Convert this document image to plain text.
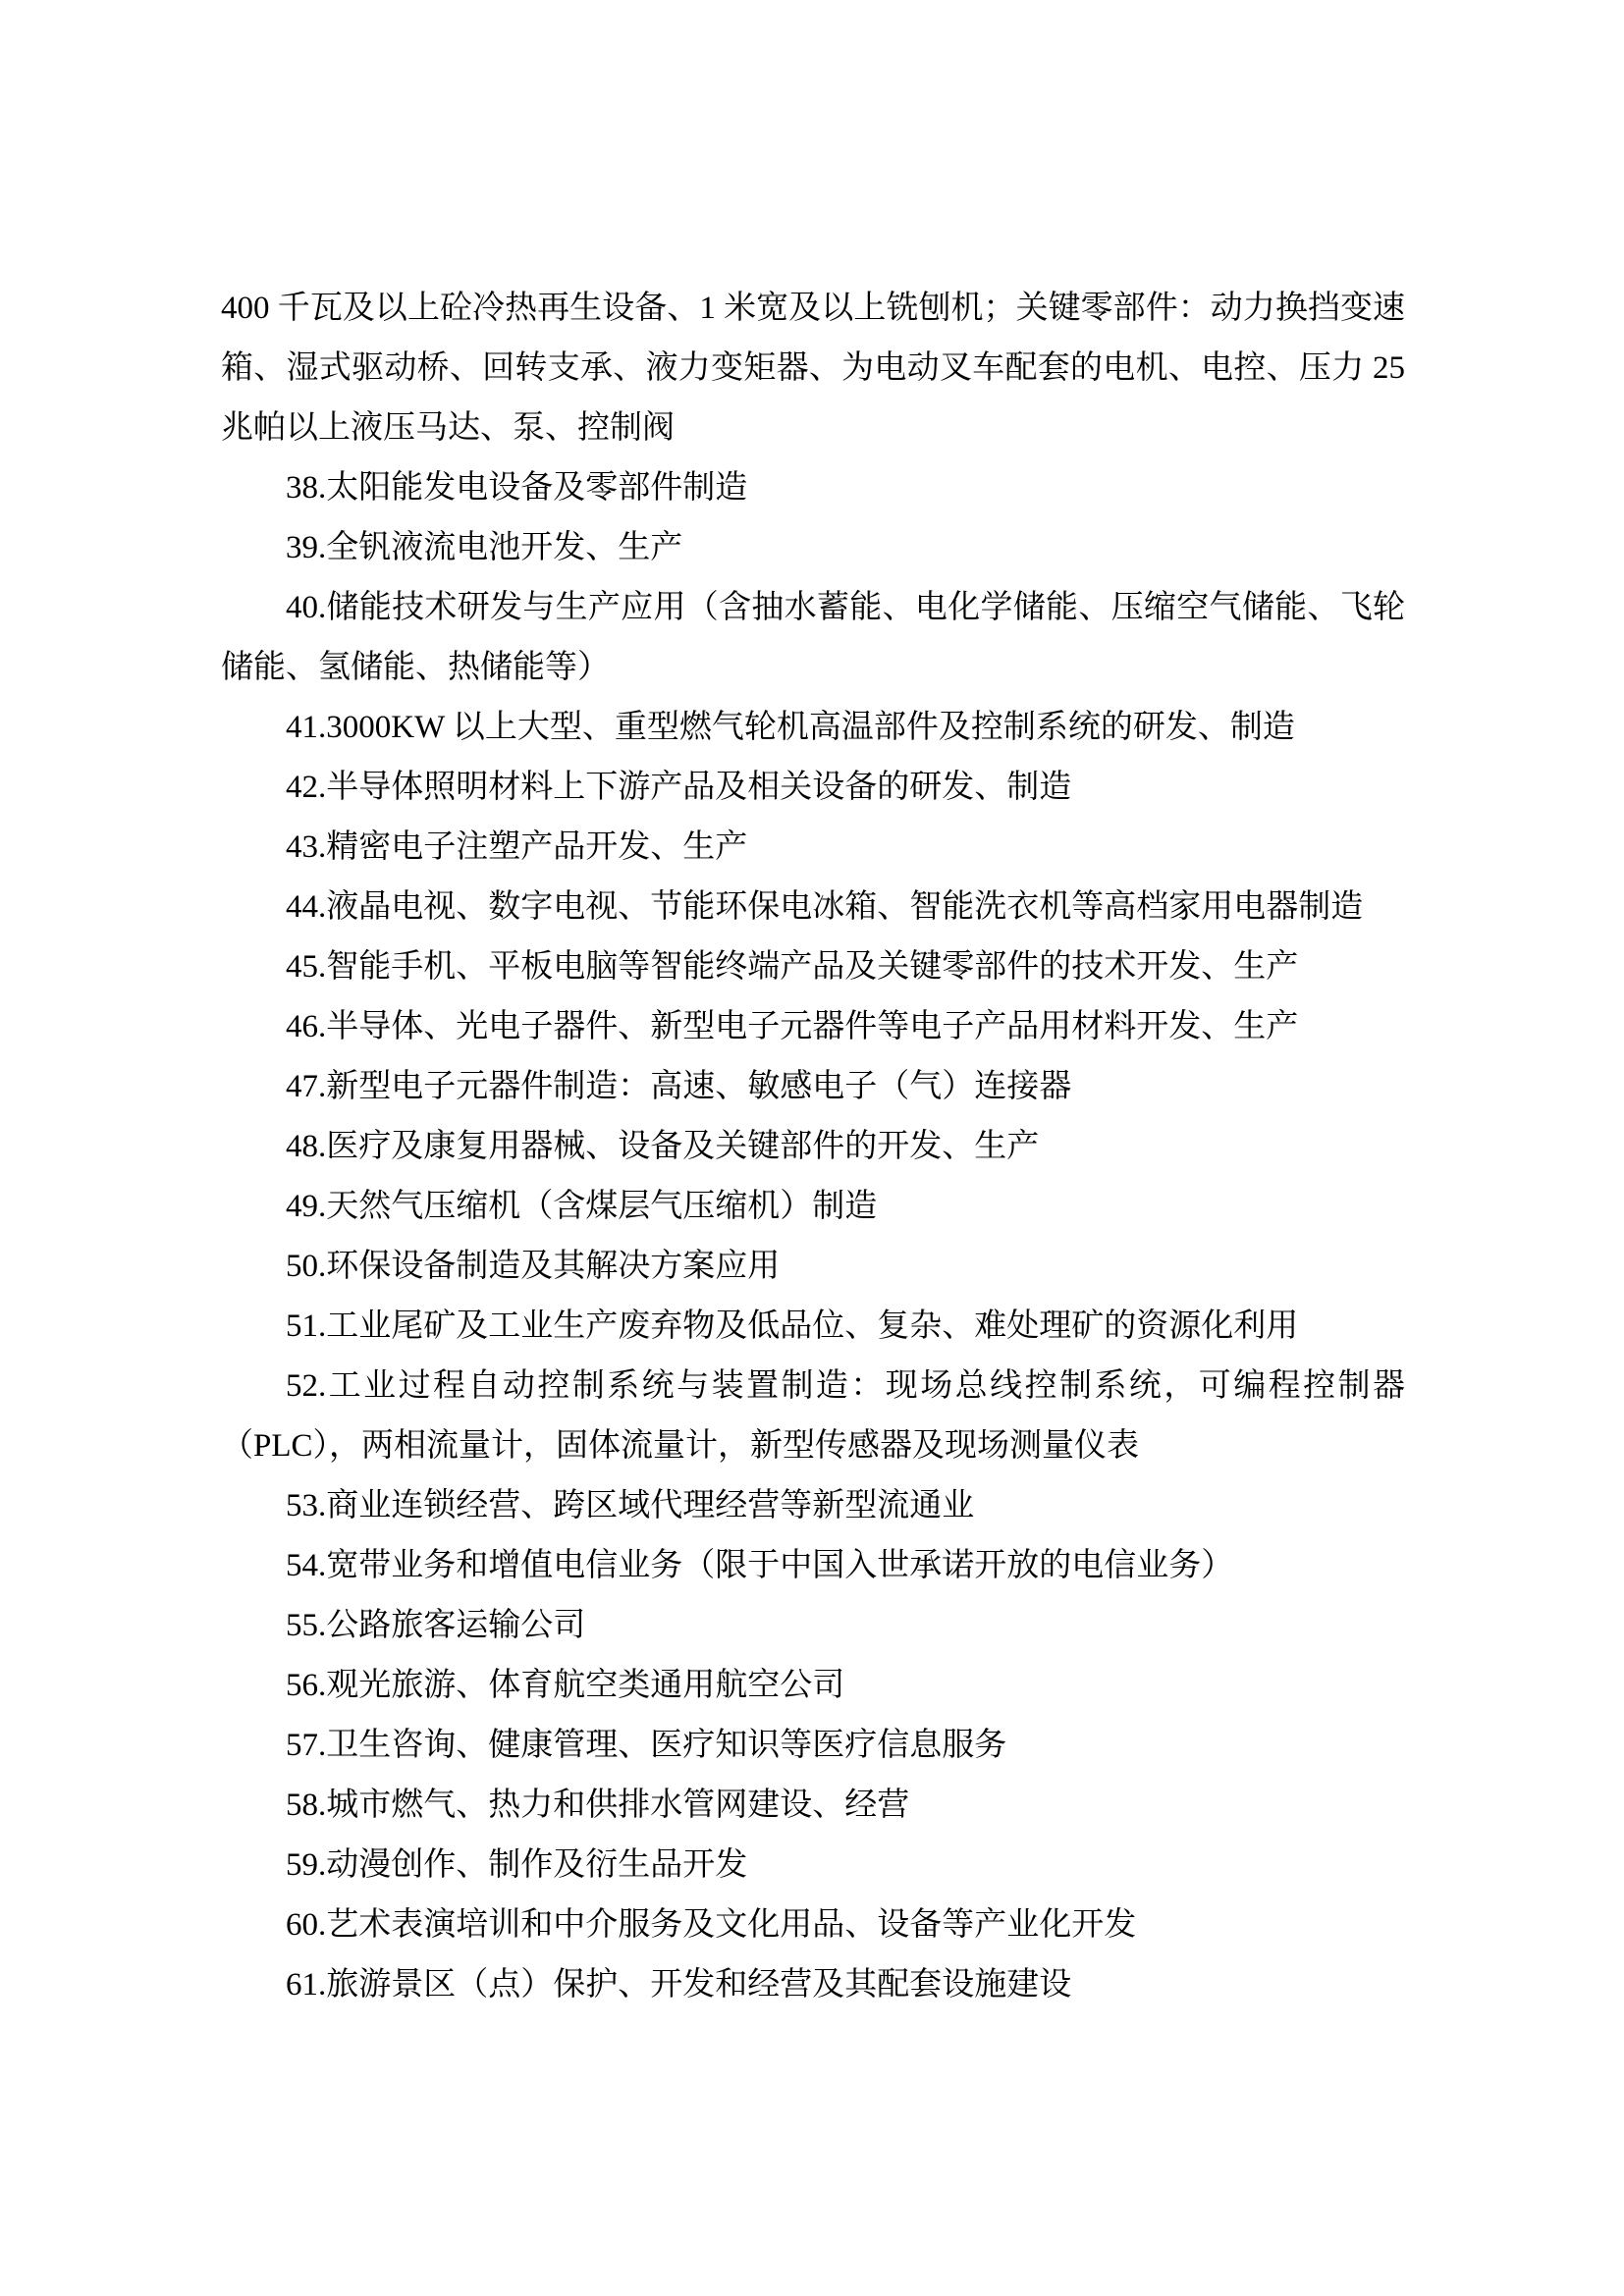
400 千瓦及以上砼冷热再生设备、1 米宽及以上铣刨机；关键零部件：动力换挡变速
箱、湿式驱动桥、回转支承、液力变矩器、为电动叉车配套的电机、电控、压力 25
兆帕以上液压马达、泵、控制阀
38.太阳能发电设备及零部件制造
39.全钒液流电池开发、生产
40.储能技术研发与生产应用（含抽水蓄能、电化学储能、压缩空气储能、飞轮
储能、氢储能、热储能等）
41.3000KW 以上大型、重型燃气轮机高温部件及控制系统的研发、制造
42.半导体照明材料上下游产品及相关设备的研发、制造
43.精密电子注塑产品开发、生产
44.液晶电视、数字电视、节能环保电冰箱、智能洗衣机等高档家用电器制造
45.智能手机、平板电脑等智能终端产品及关键零部件的技术开发、生产
46.半导体、光电子器件、新型电子元器件等电子产品用材料开发、生产
47.新型电子元器件制造：高速、敏感电子（气）连接器
48.医疗及康复用器械、设备及关键部件的开发、生产
49.天然气压缩机（含煤层气压缩机）制造
50.环保设备制造及其解决方案应用
51.工业尾矿及工业生产废弃物及低品位、复杂、难处理矿的资源化利用
52.工业过程自动控制系统与装置制造：现场总线控制系统，可编程控制器
（PLC），两相流量计，固体流量计，新型传感器及现场测量仪表
53.商业连锁经营、跨区域代理经营等新型流通业
54.宽带业务和增值电信业务（限于中国入世承诺开放的电信业务）
55.公路旅客运输公司
56.观光旅游、体育航空类通用航空公司
57.卫生咨询、健康管理、医疗知识等医疗信息服务
58.城市燃气、热力和供排水管网建设、经营
59.动漫创作、制作及衍生品开发
60.艺术表演培训和中介服务及文化用品、设备等产业化开发
61.旅游景区（点）保护、开发和经营及其配套设施建设
